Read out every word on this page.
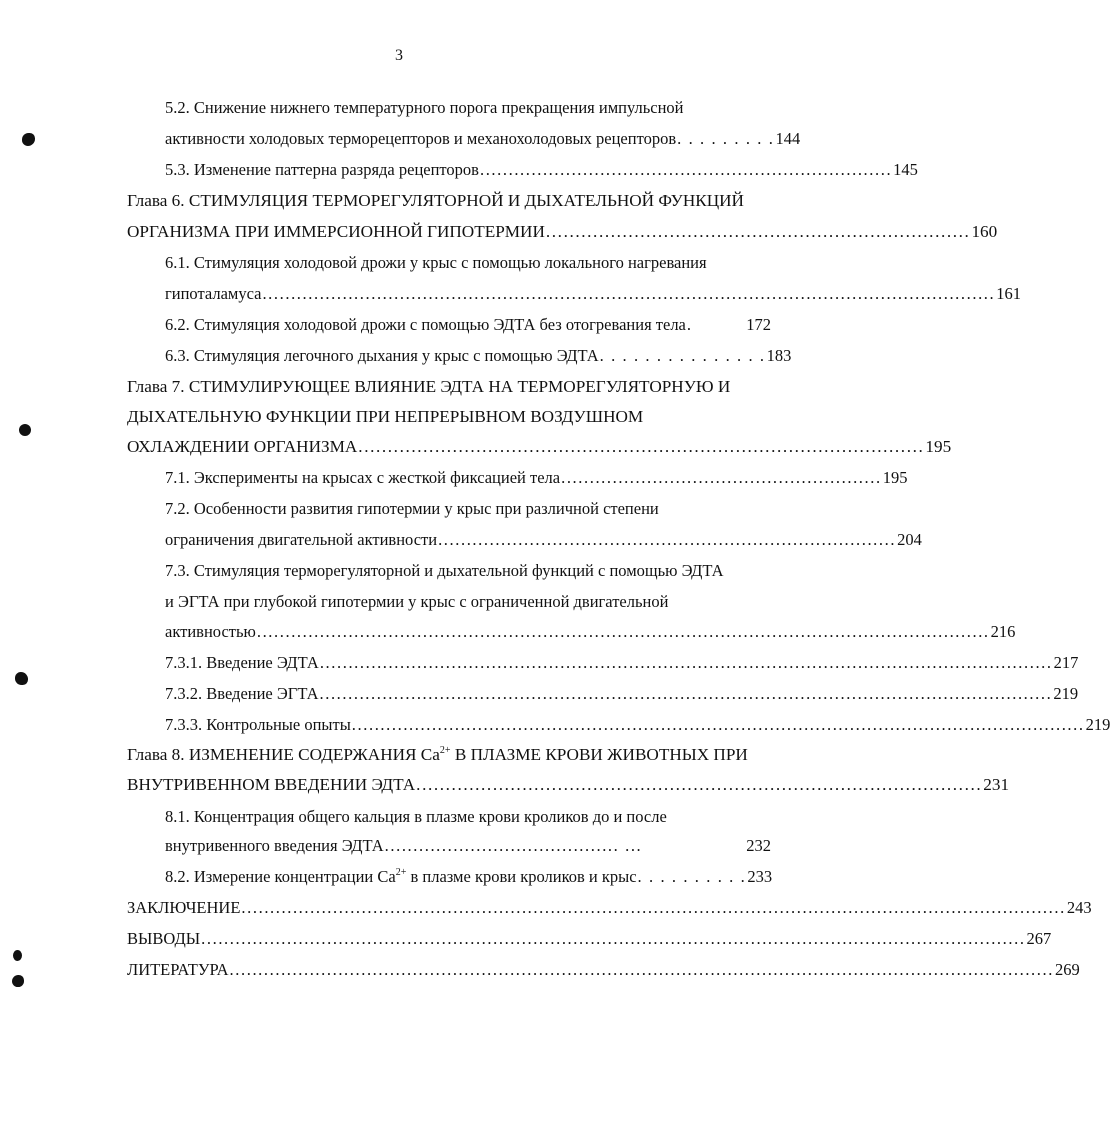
3
5.2. Снижение нижнего температурного порога прекращения импульсной
активности холодовых терморецепторов и механохолодовых рецепторов . . . . . . . . . 144
5.3. Изменение паттерна разряда рецепторов ........................................................................ 145
Глава 6. СТИМУЛЯЦИЯ ТЕРМОРЕГУЛЯТОРНОЙ И ДЫХАТЕЛЬНОЙ ФУНКЦИЙ
ОРГАНИЗМА ПРИ ИММЕРСИОННОЙ ГИПОТЕРМИИ ........................................................................ 160
6.1. Стимуляция холодовой дрожи у крыс с помощью локального нагревания
гипоталамуса ................................................................................................................................ 161
6.2. Стимуляция холодовой дрожи с помощью ЭДТА без отогревания тела .	172
6.3. Стимуляция легочного дыхания у крыс с помощью ЭДТА . . . . . . . . . . . . . . . 183
Глава 7. СТИМУЛИРУЮЩЕЕ ВЛИЯНИЕ ЭДТА НА ТЕРМОРЕГУЛЯТОРНУЮ И
ДЫХАТЕЛЬНУЮ ФУНКЦИИ ПРИ НЕПРЕРЫВНОМ ВОЗДУШНОМ
ОХЛАЖДЕНИИ ОРГАНИЗМА ................................................................................................ 195
7.1. Эксперименты на крысах с жесткой фиксацией тела ........................................................ 195
7.2. Особенности развития гипотермии у крыс при различной степени
ограничения двигательной активности ................................................................................ 204
7.3. Стимуляция терморегуляторной и дыхательной функций с помощью ЭДТА
и ЭГТА при глубокой гипотермии у крыс с ограниченной двигательной
активностью ................................................................................................................................ 216
7.3.1. Введение ЭДТА ................................................................................................................................ 217
7.3.2. Введение ЭГТА ................................................................................................................................ 219
7.3.3. Контрольные опыты ................................................................................................................................ 219
Глава 8. ИЗМЕНЕНИЕ СОДЕРЖАНИЯ $Ca^{2+}$ В ПЛАЗМЕ КРОВИ ЖИВОТНЫХ ПРИ
ВНУТРИВЕННОМ ВВЕДЕНИИ ЭДТА ................................................................................................ 231
8.1. Концентрация общего кальция в плазме крови кроликов до и после
внутривенного введения ЭДТА ......................................... ...	232
8.2. Измерение концентрации $Ca^{2+}$ в плазме крови кроликов и крыс . . . . . . . . . . 233
ЗАКЛЮЧЕНИЕ ................................................................................................................................................ 243
ВЫВОДЫ ................................................................................................................................................ 267
ЛИТЕРАТУРА ................................................................................................................................................ 269
